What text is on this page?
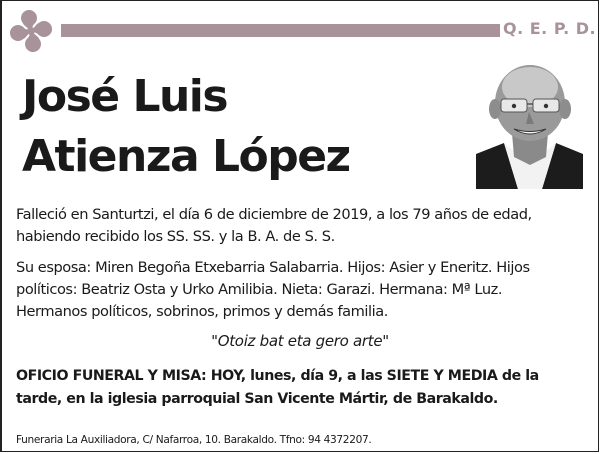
Q. E. P. D.
José Luis
Atienza López
Falleció en Santurtzi, el día 6 de diciembre de 2019, a los 79 años de edad,
habiendo recibido los SS. SS. y la B. A. de S. S.
Su esposa: Miren Begoña Etxebarria Salabarria. Hijos: Asier y Eneritz. Hijos
políticos: Beatriz Osta y Urko Amilibia. Nieta: Garazi. Hermana: Mª Luz.
Hermanos políticos, sobrinos, primos y demás familia.
"Otoiz bat eta gero arte"
OFICIO FUNERAL Y MISA: HOY, lunes, día 9, a las SIETE Y MEDIA de la
tarde, en la iglesia parroquial San Vicente Mártir, de Barakaldo.
Funeraria La Auxiliadora, C/ Nafarroa, 10. Barakaldo. Tfno: 94 4372207.
